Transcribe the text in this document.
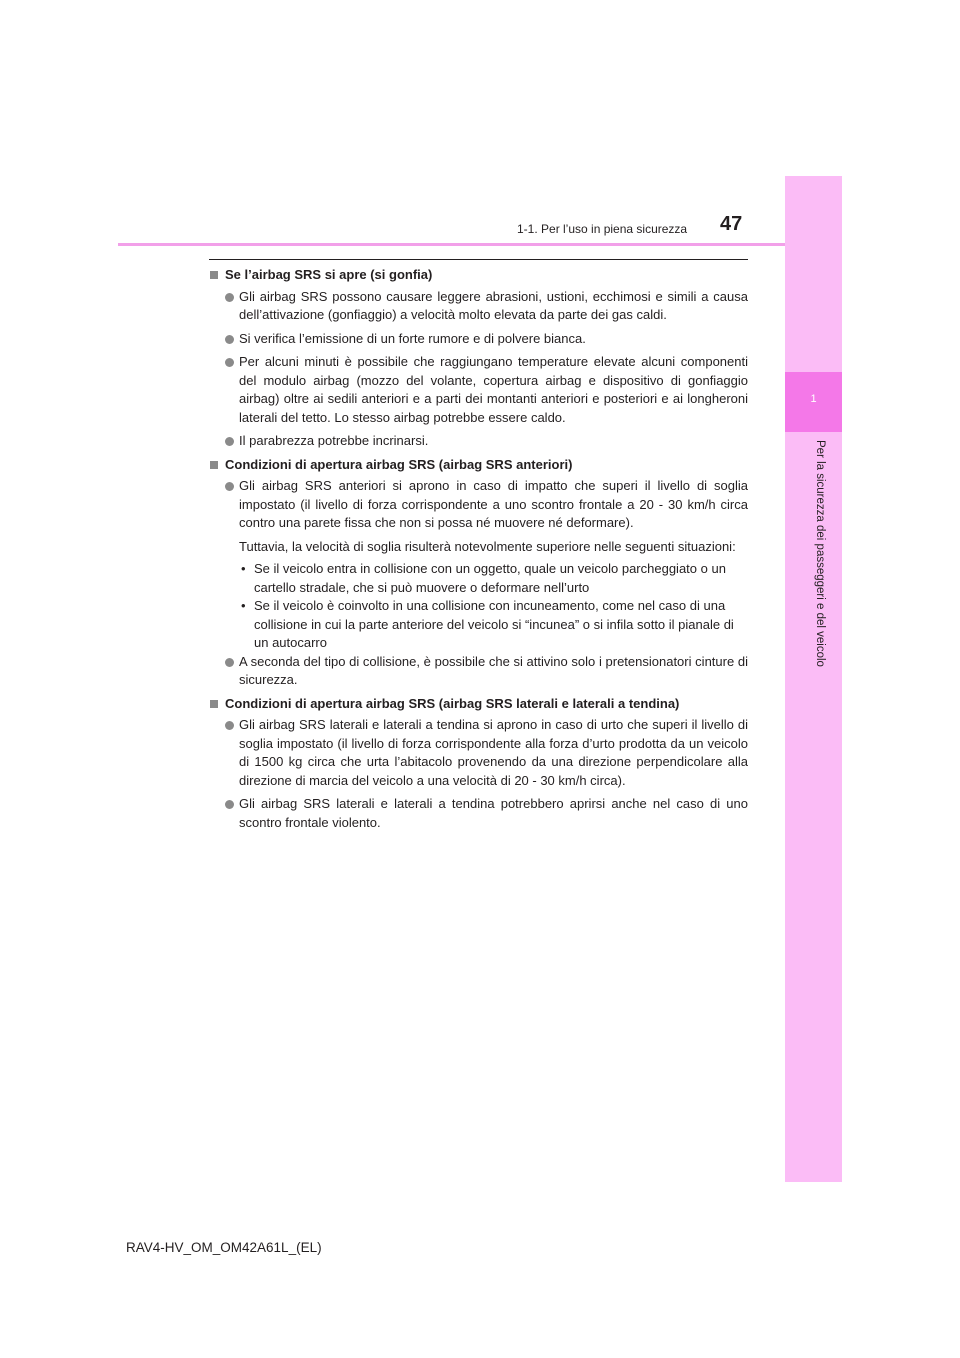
1
Per la sicurezza dei passeggeri e del veicolo
1-1. Per l’uso in piena sicurezza 47
Se l’airbag SRS si apre (si gonfia)
Gli airbag SRS possono causare leggere abrasioni, ustioni, ecchimosi e simili a causa dell’attivazione (gonfiaggio) a velocità molto elevata da parte dei gas caldi.
Si verifica l’emissione di un forte rumore e di polvere bianca.
Per alcuni minuti è possibile che raggiungano temperature elevate alcuni componenti del modulo airbag (mozzo del volante, copertura airbag e dispositivo di gonfiaggio airbag) oltre ai sedili anteriori e a parti dei montanti anteriori e posteriori e ai longheroni laterali del tetto. Lo stesso airbag potrebbe essere caldo.
Il parabrezza potrebbe incrinarsi.
Condizioni di apertura airbag SRS (airbag SRS anteriori)
Gli airbag SRS anteriori si aprono in caso di impatto che superi il livello di soglia impostato (il livello di forza corrispondente a uno scontro frontale a 20 - 30 km/h circa contro una parete fissa che non si possa né muovere né deformare).
Tuttavia, la velocità di soglia risulterà notevolmente superiore nelle seguenti situazioni:
• Se il veicolo entra in collisione con un oggetto, quale un veicolo parcheggiato o un cartello stradale, che si può muovere o deformare nell’urto
• Se il veicolo è coinvolto in una collisione con incuneamento, come nel caso di una collisione in cui la parte anteriore del veicolo si “incunea” o si infila sotto il pianale di un autocarro
A seconda del tipo di collisione, è possibile che si attivino solo i pretensionatori cinture di sicurezza.
Condizioni di apertura airbag SRS (airbag SRS laterali e laterali a tendina)
Gli airbag SRS laterali e laterali a tendina si aprono in caso di urto che superi il livello di soglia impostato (il livello di forza corrispondente alla forza d’urto prodotta da un veicolo di 1500 kg circa che urta l’abitacolo provenendo da una direzione perpendicolare alla direzione di marcia del veicolo a una velocità di 20 - 30 km/h circa).
Gli airbag SRS laterali e laterali a tendina potrebbero aprirsi anche nel caso di uno scontro frontale violento.
RAV4-HV_OM_OM42A61L_(EL)
